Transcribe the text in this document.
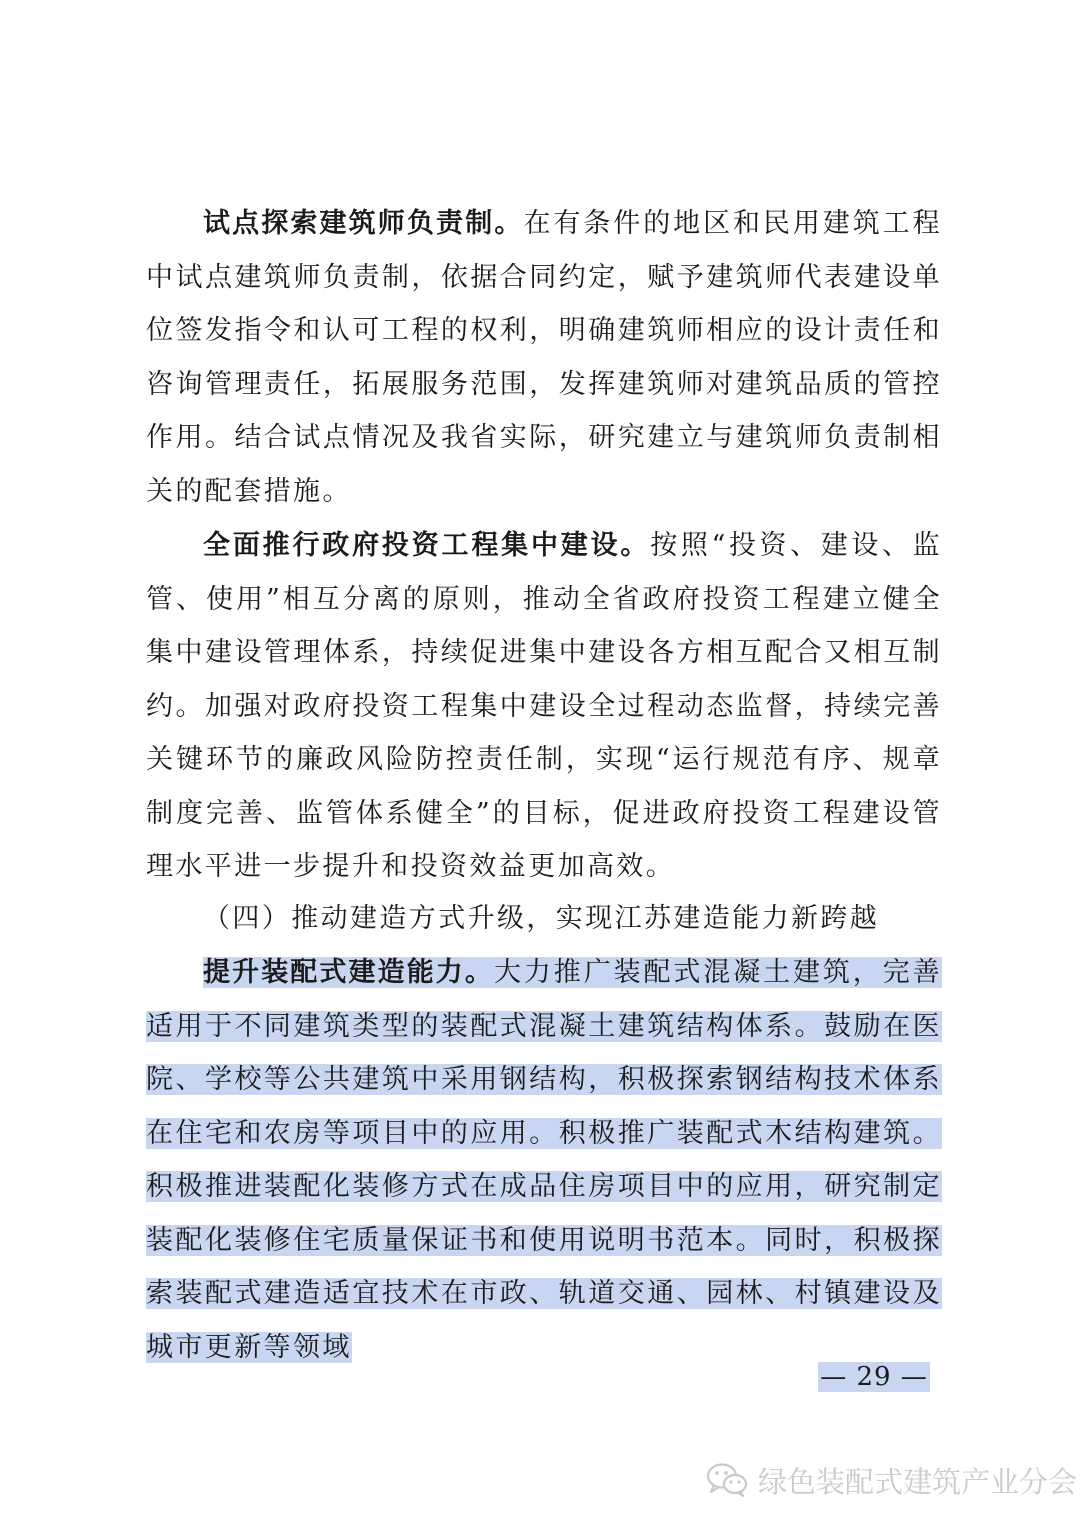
试点探索建筑师负责制。在有条件的地区和民用建筑工程中试点建筑师负责制，依据合同约定，赋予建筑师代表建设单位签发指令和认可工程的权利，明确建筑师相应的设计责任和咨询管理责任，拓展服务范围，发挥建筑师对建筑品质的管控作用。结合试点情况及我省实际，研究建立与建筑师负责制相关的配套措施。

全面推行政府投资工程集中建设。按照“投资、建设、监管、使用”相互分离的原则，推动全省政府投资工程建立健全集中建设管理体系，持续促进集中建设各方相互配合又相互制约。加强对政府投资工程集中建设全过程动态监督，持续完善关键环节的廉政风险防控责任制，实现“运行规范有序、规章制度完善、监管体系健全”的目标，促进政府投资工程建设管理水平进一步提升和投资效益更加高效。

（四）推动建造方式升级，实现江苏建造能力新跨越

提升装配式建造能力。大力推广装配式混凝土建筑，完善适用于不同建筑类型的装配式混凝土建筑结构体系。鼓励在医院、学校等公共建筑中采用钢结构，积极探索钢结构技术体系在住宅和农房等项目中的应用。积极推广装配式木结构建筑。积极推进装配化装修方式在成品住房项目中的应用，研究制定装配化装修住宅质量保证书和使用说明书范本。同时，积极探索装配式建造适宜技术在市政、轨道交通、园林、村镇建设及城市更新等领域

— 29 —
绿色装配式建筑产业分会
